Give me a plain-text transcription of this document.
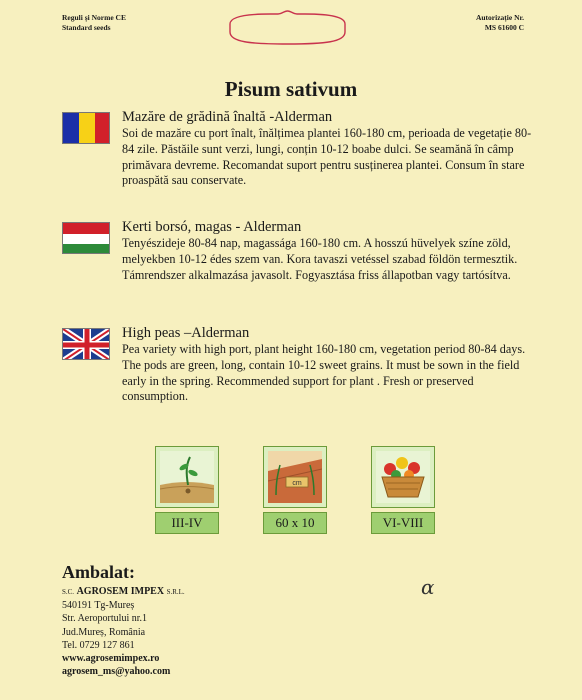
Reguli și Norme CE
Standard seeds
Autorizație Nr.
MS 61600 C
Pisum sativum

Mazăre de grădină înaltă -Alderman

Soi de mazăre cu port înalt, înălțimea plantei 160-180 cm, perioada de vegetație 80-84 zile. Păstăile sunt verzi, lungi, conțin 10-12 boabe dulci. Se seamănă în câmp primăvara devreme. Recomandat suport pentru susținerea plantei. Consum în stare proaspătă sau conservate.

Kerti borsó, magas - Alderman

Tenyészideje 80-84 nap, magassága 160-180 cm. A hosszú hüvelyek színe zöld, melyekben 10-12 édes szem van. Kora tavaszi vetéssel szabad földön termesztik. Támrendszer alkalmazása javasolt. Fogyasztása friss állapotban vagy tartósítva.

High peas –Alderman

Pea variety with high port, plant height 160-180 cm, vegetation period 80-84 days. The pods are green, long, contain 10-12 sweet grains. It must be sown in the field early in the spring. Recommended support for plant . Fresh or preserved consumption.

III-IV
cm
60 x 10	VI-VIII
Ambalat:
S.C. AGROSEM IMPEX S.R.L.
540191 Tg-Mureș
Str. Aeroportului nr.1
Jud.Mureș, România
Tel. 0729 127 861
www.agrosemimpex.ro
agrosem_ms@yahoo.com
α
